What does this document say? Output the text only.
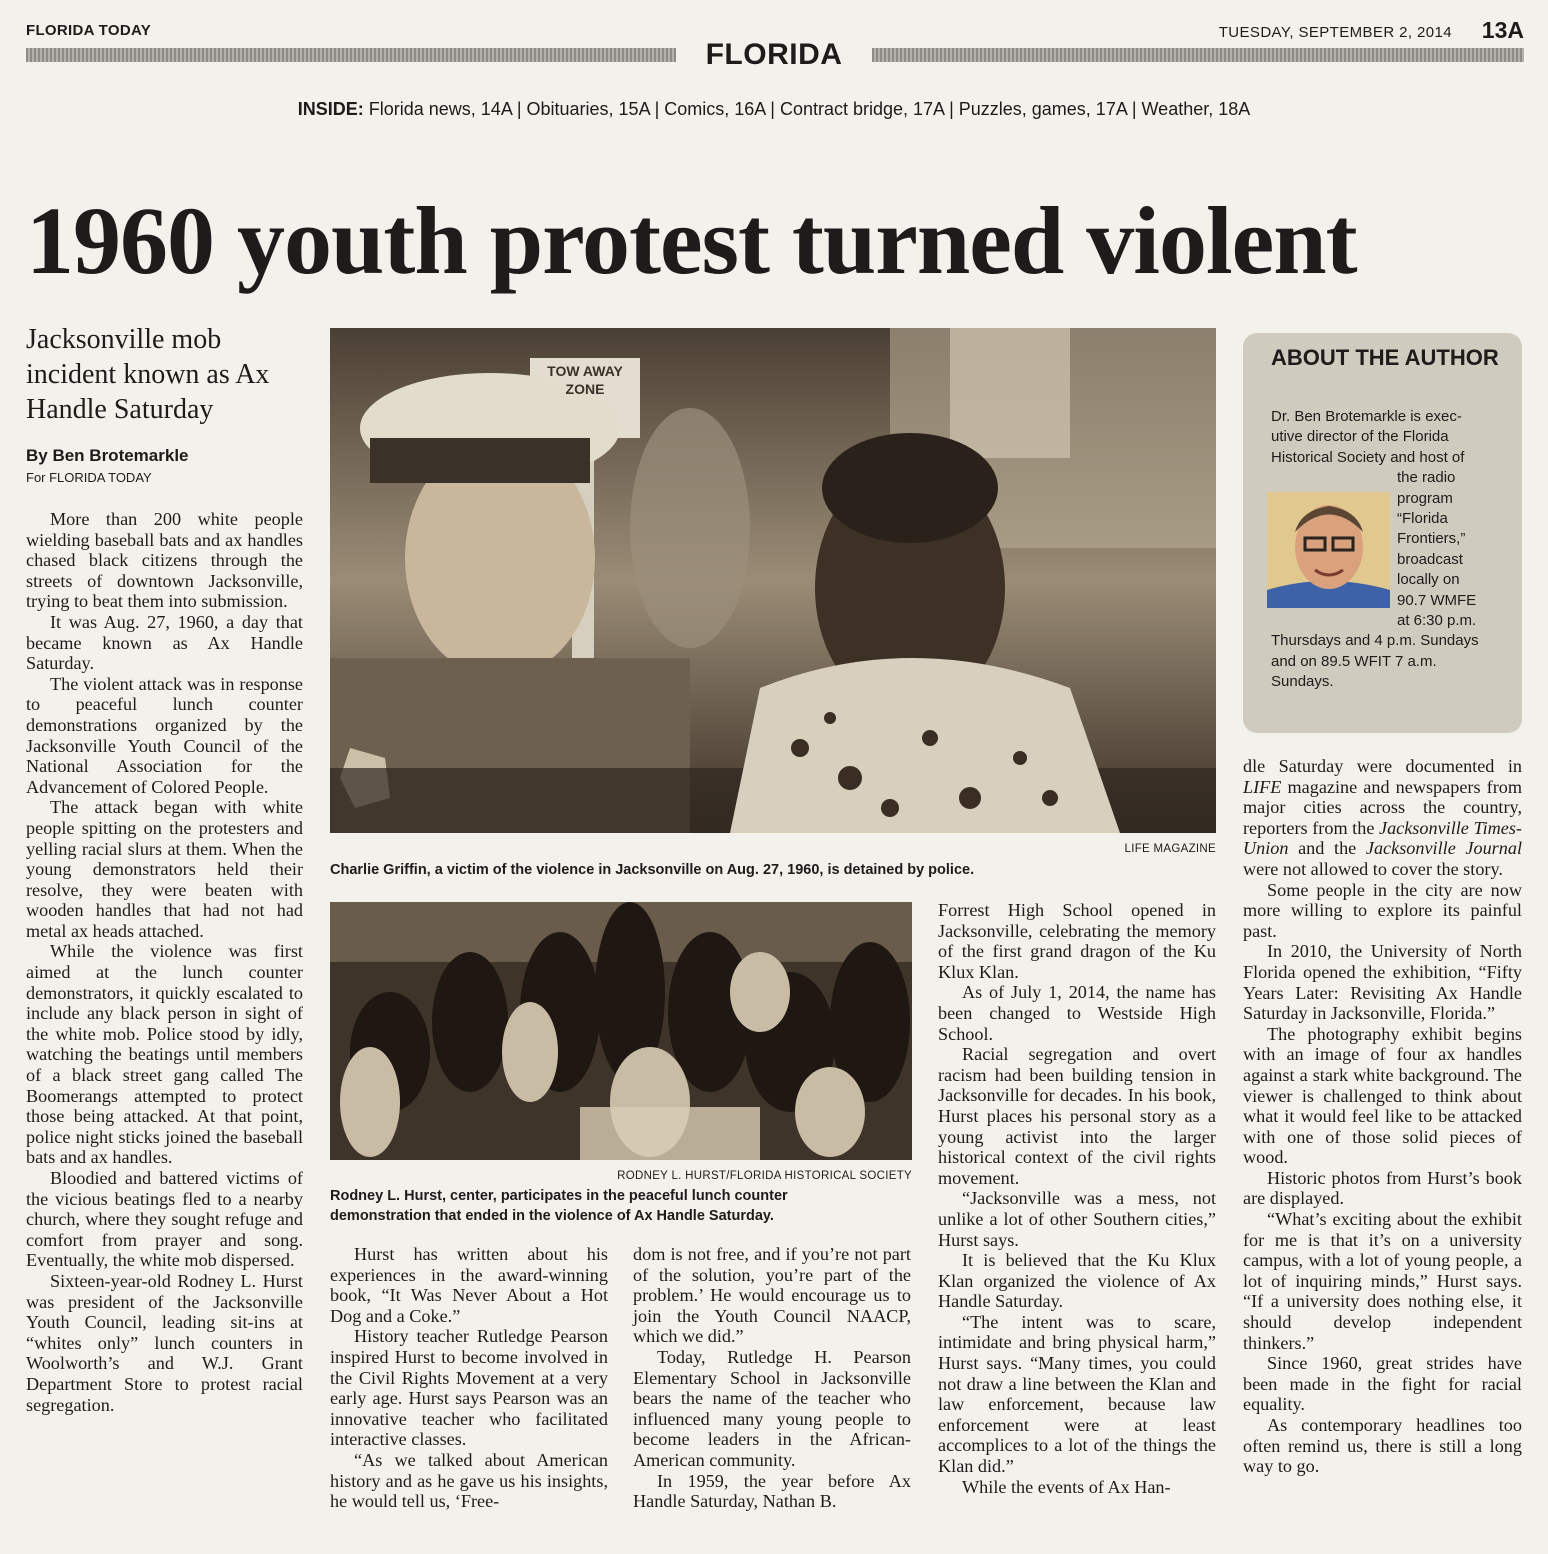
FLORIDA TODAY	TUESDAY, SEPTEMBER 2, 2014 13A
FLORIDA
INSIDE: Florida news, 14A | Obituaries, 15A | Comics, 16A | Contract bridge, 17A | Puzzles, games, 17A | Weather, 18A
1960 youth protest turned violent
Jacksonville mob incident known as Ax Handle Saturday
By Ben Brotemarkle
For FLORIDA TODAY

More than 200 white people wielding baseball bats and ax handles chased black citizens through the streets of downtown Jacksonville, trying to beat them into submission.

It was Aug. 27, 1960, a day that became known as Ax Handle Saturday.

The violent attack was in response to peaceful lunch counter demonstrations organized by the Jacksonville Youth Council of the National Association for the Advancement of Colored People.

The attack began with white people spitting on the protesters and yelling racial slurs at them. When the young demonstrators held their resolve, they were beaten with wooden handles that had not had metal ax heads attached.

While the violence was first aimed at the lunch counter demonstrators, it quickly escalated to include any black person in sight of the white mob. Police stood by idly, watching the beatings until members of a black street gang called The Boomerangs attempted to protect those being attacked. At that point, police night sticks joined the baseball bats and ax handles.

Bloodied and battered victims of the vicious beatings fled to a nearby church, where they sought refuge and comfort from prayer and song. Eventually, the white mob dispersed.

Sixteen-year-old Rodney L. Hurst was president of the Jacksonville Youth Council, leading sit-ins at “whites only” lunch counters in Woolworth’s and W.J. Grant Department Store to protest racial segregation.

TOW AWAY
ZONE
LIFE MAGAZINE
Charlie Griffin, a victim of the violence in Jacksonville on Aug. 27, 1960, is detained by police.
RODNEY L. HURST/FLORIDA HISTORICAL SOCIETY
Rodney L. Hurst, center, participates in the peaceful lunch counter demonstration that ended in the violence of Ax Handle Saturday.

Hurst has written about his experiences in the award-winning book, “It Was Never About a Hot Dog and a Coke.”

History teacher Rutledge Pearson inspired Hurst to become involved in the Civil Rights Movement at a very early age. Hurst says Pearson was an innovative teacher who facilitated interactive classes.

“As we talked about American history and as he gave us his insights, he would tell us, ‘Free-

dom is not free, and if you’re not part of the solution, you’re part of the problem.’ He would encourage us to join the Youth Council NAACP, which we did.”

Today, Rutledge H. Pearson Elementary School in Jacksonville bears the name of the teacher who influenced many young people to become leaders in the African-American community.

In 1959, the year before Ax Handle Saturday, Nathan B.

Forrest High School opened in Jacksonville, celebrating the memory of the first grand dragon of the Ku Klux Klan.

As of July 1, 2014, the name has been changed to Westside High School.

Racial segregation and overt racism had been building tension in Jacksonville for decades. In his book, Hurst places his personal story as a young activist into the larger historical context of the civil rights movement.

“Jacksonville was a mess, not unlike a lot of other Southern cities,” Hurst says.

It is believed that the Ku Klux Klan organized the violence of Ax Handle Saturday.

“The intent was to scare, intimidate and bring physical harm,” Hurst says. “Many times, you could not draw a line between the Klan and law enforcement, because law enforcement were at least accomplices to a lot of the things the Klan did.”

While the events of Ax Han-

ABOUT THE AUTHOR
Dr. Ben Brotemarkle is exec-
utive director of the Florida
Historical Society and host of
the radio
program
“Florida
Frontiers,”
broadcast
locally on
90.7 WMFE
at 6:30 p.m.
Thursdays and 4 p.m. Sundays
and on 89.5 WFIT 7 a.m.
Sundays.

dle Saturday were documented in LIFE magazine and newspapers from major cities across the country, reporters from the Jacksonville Times-Union and the Jacksonville Journal were not allowed to cover the story.

Some people in the city are now more willing to explore its painful past.

In 2010, the University of North Florida opened the exhibition, “Fifty Years Later: Revisiting Ax Handle Saturday in Jacksonville, Florida.”

The photography exhibit begins with an image of four ax handles against a stark white background. The viewer is challenged to think about what it would feel like to be attacked with one of those solid pieces of wood.

Historic photos from Hurst’s book are displayed.

“What’s exciting about the exhibit for me is that it’s on a university campus, with a lot of young people, a lot of inquiring minds,” Hurst says. “If a university does nothing else, it should develop independent thinkers.”

Since 1960, great strides have been made in the fight for racial equality.

As contemporary headlines too often remind us, there is still a long way to go.
